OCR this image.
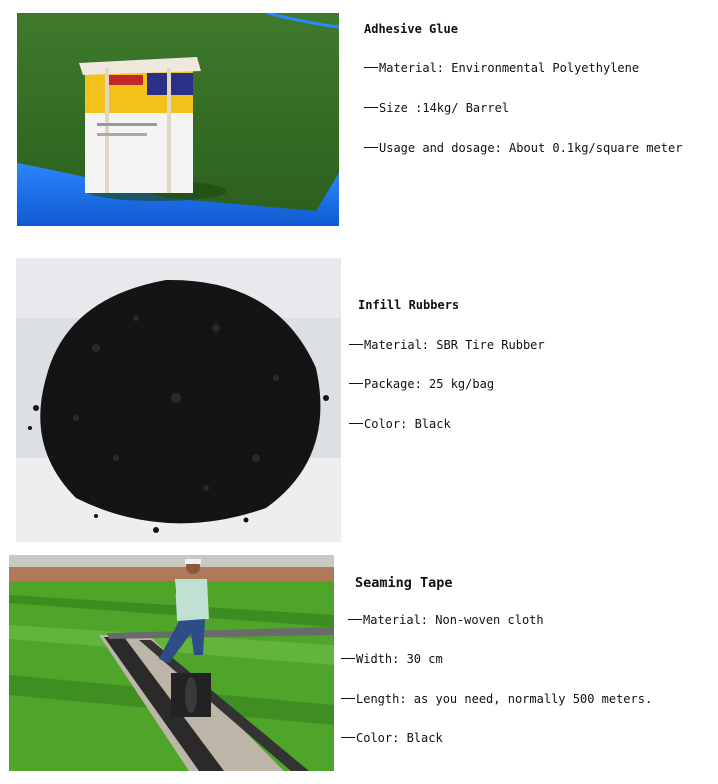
Adhesive Glue
Material: Environmental Polyethylene
Size :14kg/ Barrel
Usage and dosage: About 0.1kg/square meter
Infill Rubbers
Material: SBR Tire Rubber
Package: 25 kg/bag
Color: Black
Seaming Tape
Material: Non-woven cloth
Width: 30 cm
Length: as you need, normally 500 meters.
Color: Black
